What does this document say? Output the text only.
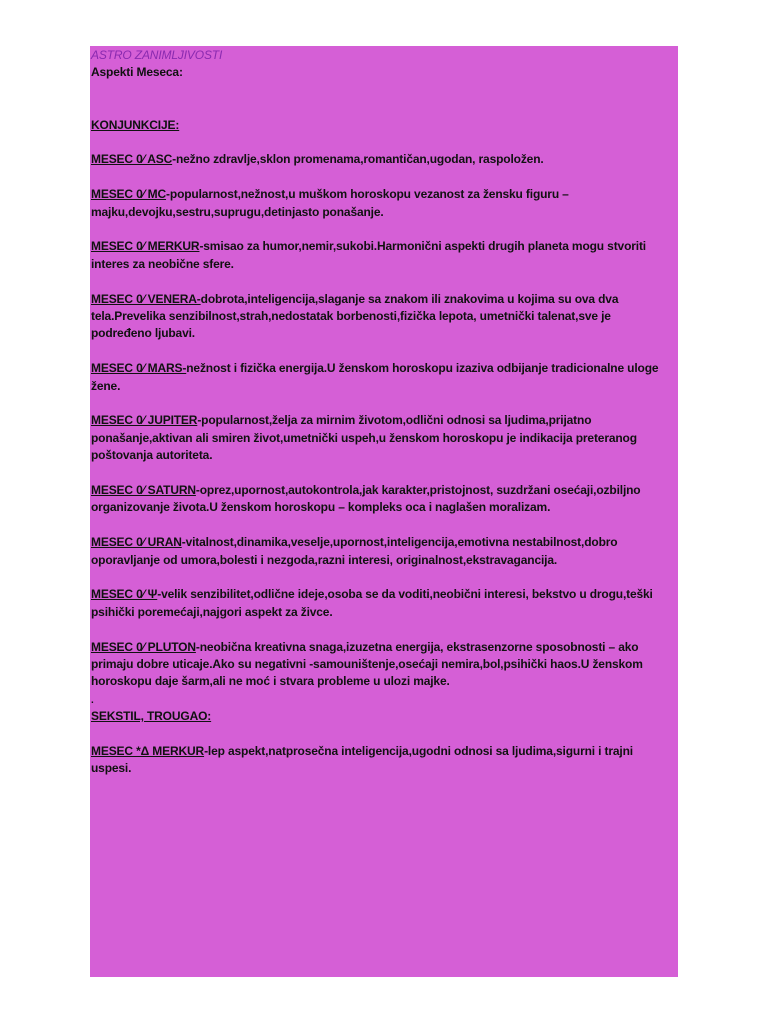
ASTRO ZANIMLJIVOSTI

Aspekti Meseca:

KONJUNKCIJE:

MESEC 0⁄ ASC-nežno zdravlje,sklon promenama,romantičan,ugodan, raspoložen.

MESEC 0⁄ MC-popularnost,nežnost,u muškom horoskopu vezanost za žensku figuru – majku,devojku,sestru,suprugu,detinjasto ponašanje.

MESEC 0⁄ MERKUR-smisao za humor,nemir,sukobi.Harmonični aspekti drugih planeta mogu stvoriti interes za neobične sfere.

MESEC 0⁄ VENERA-dobrota,inteligencija,slaganje sa znakom ili znakovima u kojima su ova dva tela.Prevelika senzibilnost,strah,nedostatak borbenosti,fizička lepota, umetnički talenat,sve je podređeno ljubavi.

MESEC 0⁄ MARS-nežnost i fizička energija.U ženskom horoskopu izaziva odbijanje tradicionalne uloge žene.

MESEC 0⁄ JUPITER-popularnost,želja za mirnim životom,odlični odnosi sa ljudima,prijatno ponašanje,aktivan ali smiren život,umetnički uspeh,u ženskom horoskopu je indikacija preteranog poštovanja autoriteta.

MESEC 0⁄ SATURN-oprez,upornost,autokontrola,jak karakter,pristojnost, suzdržani osećaji,ozbiljno organizovanje života.U ženskom horoskopu – kompleks oca i naglašen moralizam.

MESEC 0⁄ URAN-vitalnost,dinamika,veselje,upornost,inteligencija,emotivna nestabilnost,dobro oporavljanje od umora,bolesti i nezgoda,razni interesi, originalnost,ekstravagancija.

MESEC 0⁄ Ψ-velik senzibilitet,odlične ideje,osoba se da voditi,neobični interesi, bekstvo u drogu,teški psihički poremećaji,najgori aspekt za živce.

MESEC 0⁄ PLUTON-neobična kreativna snaga,izuzetna energija, ekstrasenzorne sposobnosti – ako primaju dobre uticaje.Ako su negativni -samouništenje,osećaji nemira,bol,psihički haos.U ženskom horoskopu daje šarm,ali ne moć i stvara probleme u ulozi majke.

.

SEKSTIL, TROUGAO:

MESEC *Δ MERKUR-lep aspekt,natprosečna inteligencija,ugodni odnosi sa ljudima,sigurni i trajni uspesi.
